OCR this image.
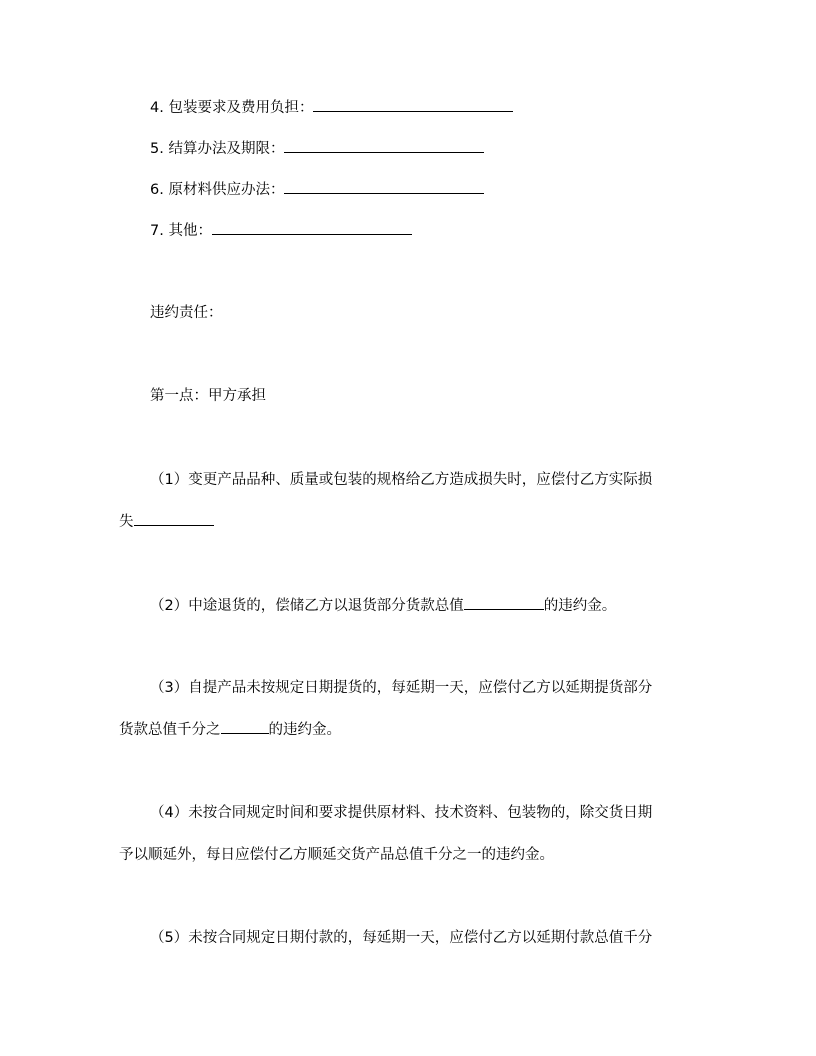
4. 包装要求及费用负担：
5. 结算办法及期限：
6. 原材料供应办法：
7. 其他：
违约责任：
第一点：甲方承担
（1）变更产品品种、质量或包装的规格给乙方造成损失时，应偿付乙方实际损
失
（2）中途退货的，偿储乙方以退货部分货款总值	的违约金。
（3）自提产品未按规定日期提货的，每延期一天，应偿付乙方以延期提货部分
货款总值千分之	的违约金。
（4）未按合同规定时间和要求提供原材料、技术资料、包装物的，除交货日期
予以顺延外，每日应偿付乙方顺延交货产品总值千分之一的违约金。
（5）未按合同规定日期付款的，每延期一天，应偿付乙方以延期付款总值千分
